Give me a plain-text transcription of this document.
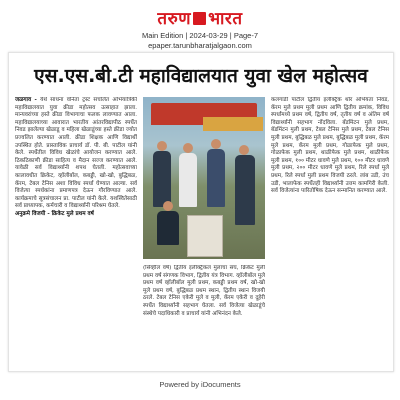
तरुण भारत
Main Edition | 2024-03-29 | Page-7
epaper.tarunbharatjalgaon.com
एस.एस.बी.टी महाविद्यालयात युवा खेल महोत्सव
जळगाव - येथे साधना वनिता ट्रस्ट संचलित अभियांत्रिकी महाविद्यालयात युवा क्रीडा महोत्सव उत्साहात झाला. मान्यवरांच्या हस्ते क्रीडा विभागाचा फलक लावण्यात आला. महाविद्यालयाच्या आवारात भारतीय आंतरविद्यापीठ स्पर्धेत निवड झालेल्या खेळाडू व महिला खेळाडूंच्या हस्ते क्रीडा ज्योत प्रज्वलित करण्यात आली. क्रीडा शिक्षक आणि विद्यार्थी उपस्थित होते. प्रास्ताविक प्राचार्य डॉ. पी. बी. पाटील यांनी केले. स्पर्धेतील विविध खेळांचे आयोजन करण्यात आले. ठिकठिकाणी क्रीडा साहित्य व मैदान सज्ज करण्यात आले. यावेळी सर्व विद्यार्थ्यांनी शपथ घेतली. महोत्सवाच्या कालावधीत क्रिकेट, व्हॉलीबॉल, कबड्डी, खो-खो, बुद्धिबळ, कॅरम, टेबल टेनिस अशा विविध स्पर्धा घेण्यात आल्या. सर्व विजेत्या स्पर्धकांना प्रमाणपत्र देऊन गौरविण्यात आले. कार्यक्रमाचे सूत्रसंचालन प्रा. पाटील यांनी केले. यशस्वितेसाठी सर्व प्राध्यापक, कर्मचारी व विद्यार्थ्यांनी परिश्रम घेतले.
अनुक्रमे विजयी - क्रिकेट मुले प्रथम वर्ष
(सिव्हील वर्ष) द्वितीय इलेक्ट्रिकल मुलांचा संघ, क्रिकेट मुली प्रथम वर्ष संगणक विभाग, द्वितीय यंत्र विभाग. व्हॉलीबॉल मुले प्रथम वर्ष व्हॉलीबॉल मुली प्रथम, कबड्डी प्रथम वर्ष, खो-खो मुले प्रथम वर्ष, बुद्धिबळ प्रथम स्थान, द्वितीय स्थान विजयी ठरले. टेबल टेनिस एकेरी मुले व मुली, कॅरम एकेरी व दुहेरी स्पर्धेत विद्यार्थ्यांनी सहभाग घेतला. सर्व विजेत्या खेळाडूंचे संस्थेचे पदाधिकारी व प्राचार्य यांनी अभिनंदन केले.
कलगाडी पाटील द्वितीय इलेक्ट्रिक थोर अभियंता निवड, कॅरम मुले प्रथम मुली प्रथम आणि द्वितीय क्रमांक, विविध स्पर्धांमध्ये प्रथम वर्ष, द्वितीय वर्ष, तृतीय वर्ष व अंतिम वर्ष विद्यार्थ्यांनी सहभाग नोंदविला. बॅडमिंटन मुले प्रथम, बॅडमिंटन मुली प्रथम, टेबल टेनिस मुले प्रथम, टेबल टेनिस मुली प्रथम, बुद्धिबळ मुले प्रथम, बुद्धिबळ मुली प्रथम, कॅरम मुले प्रथम, कॅरम मुली प्रथम, गोळाफेक मुले प्रथम, गोळाफेक मुली प्रथम, थाळीफेक मुले प्रथम, थाळीफेक मुली प्रथम, १०० मीटर धावणे मुले प्रथम, १०० मीटर धावणे मुली प्रथम, २०० मीटर धावणे मुले प्रथम, रिले स्पर्धा मुले प्रथम, रिले स्पर्धा मुली प्रथम विजयी ठरले. लांब उडी, उंच उडी, भालाफेक स्पर्धेतही विद्यार्थ्यांनी उत्तम कामगिरी केली. सर्व विजेत्यांना पारितोषिक देऊन सन्मानित करण्यात आले.
Powered by iDocuments
